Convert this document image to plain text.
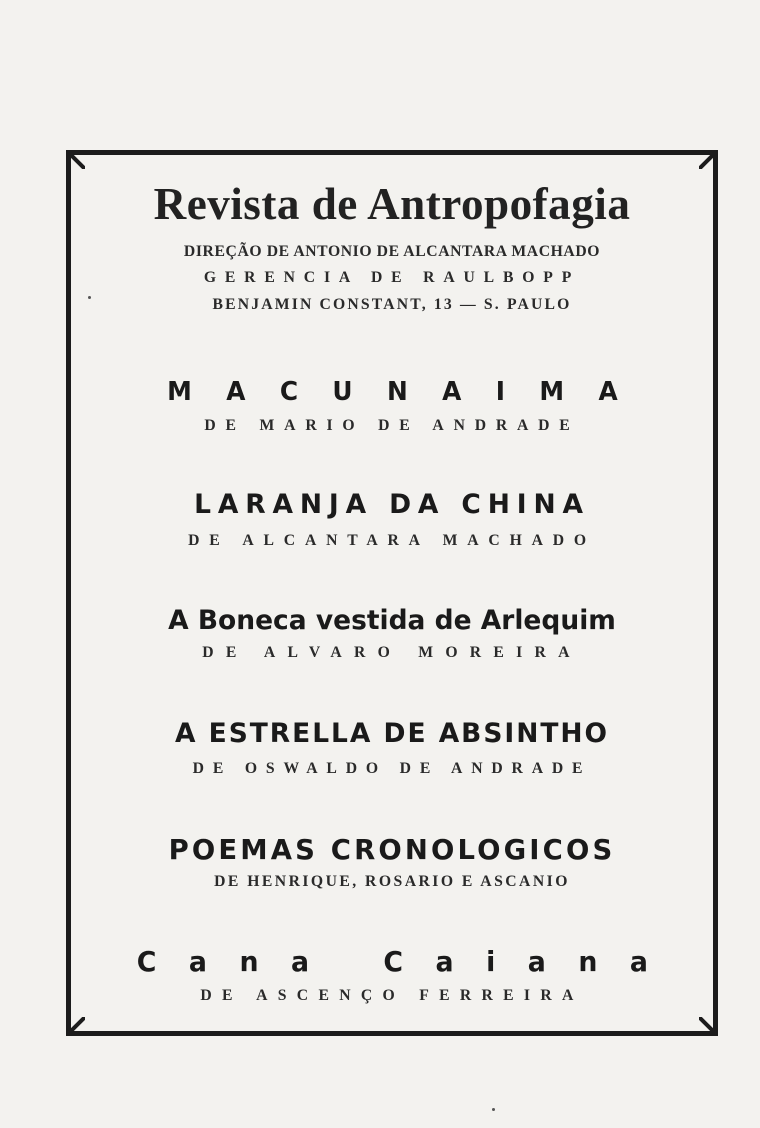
Revista de Antropofagia
DIREÇÃO DE ANTONIO DE ALCANTARA MACHADO
GERENCIA DE RAULBOPP
BENJAMIN CONSTANT, 13 — S. PAULO
MACUNAIMA
DE MARIO DE ANDRADE
LARANJA DA CHINA
DE ALCANTARA MACHADO
A Boneca vestida de Arlequim
DE ALVARO MOREIRA
A ESTRELLA DE ABSINTHO
DE OSWALDO DE ANDRADE
POEMAS CRONOLOGICOS
DE HENRIQUE, ROSARIO E ASCANIO
Cana Caiana
DE ASCENÇO FERREIRA
